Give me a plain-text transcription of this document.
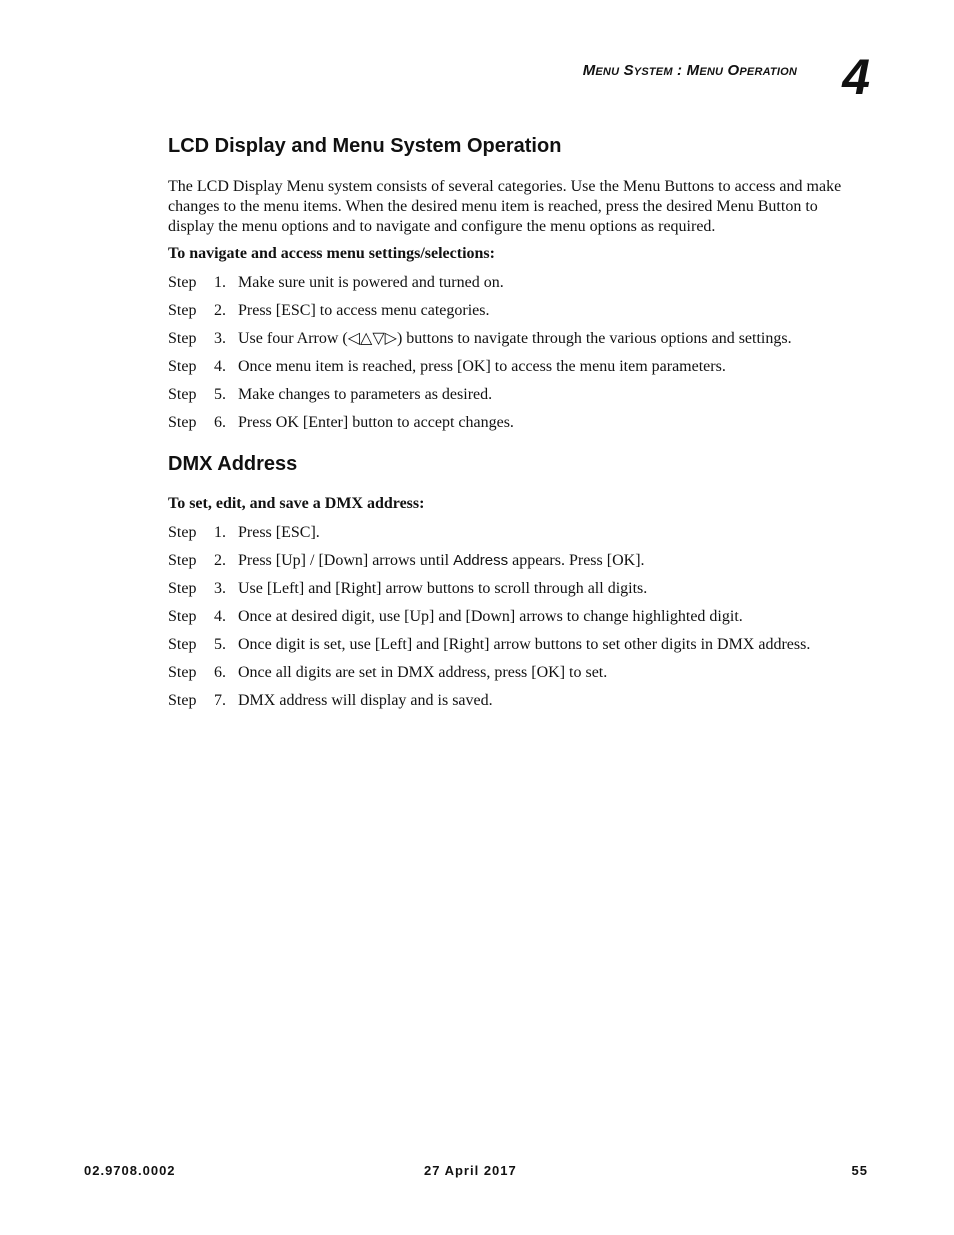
Menu System : Menu Operation 4
LCD Display and Menu System Operation

The LCD Display Menu system consists of several categories. Use the Menu Buttons to access and make changes to the menu items. When the desired menu item is reached, press the desired Menu Button to display the menu options and to navigate and configure the menu options as required.

To navigate and access menu settings/selections:

Step 1. Make sure unit is powered and turned on.
Step 2. Press [ESC] to access menu categories.
Step 3. Use four Arrow (◁△▽▷) buttons to navigate through the various options and settings.
Step 4. Once menu item is reached, press [OK] to access the menu item parameters.
Step 5. Make changes to parameters as desired.
Step 6. Press OK [Enter] button to accept changes.
DMX Address

To set, edit, and save a DMX address:

Step 1. Press [ESC].
Step 2. Press [Up] / [Down] arrows until Address appears. Press [OK].
Step 3. Use [Left] and [Right] arrow buttons to scroll through all digits.
Step 4. Once at desired digit, use [Up] and [Down] arrows to change highlighted digit.
Step 5. Once digit is set, use [Left] and [Right] arrow buttons to set other digits in DMX address.
Step 6. Once all digits are set in DMX address, press [OK] to set.
Step 7. DMX address will display and is saved.
02.9708.0002	27 April 2017	55
